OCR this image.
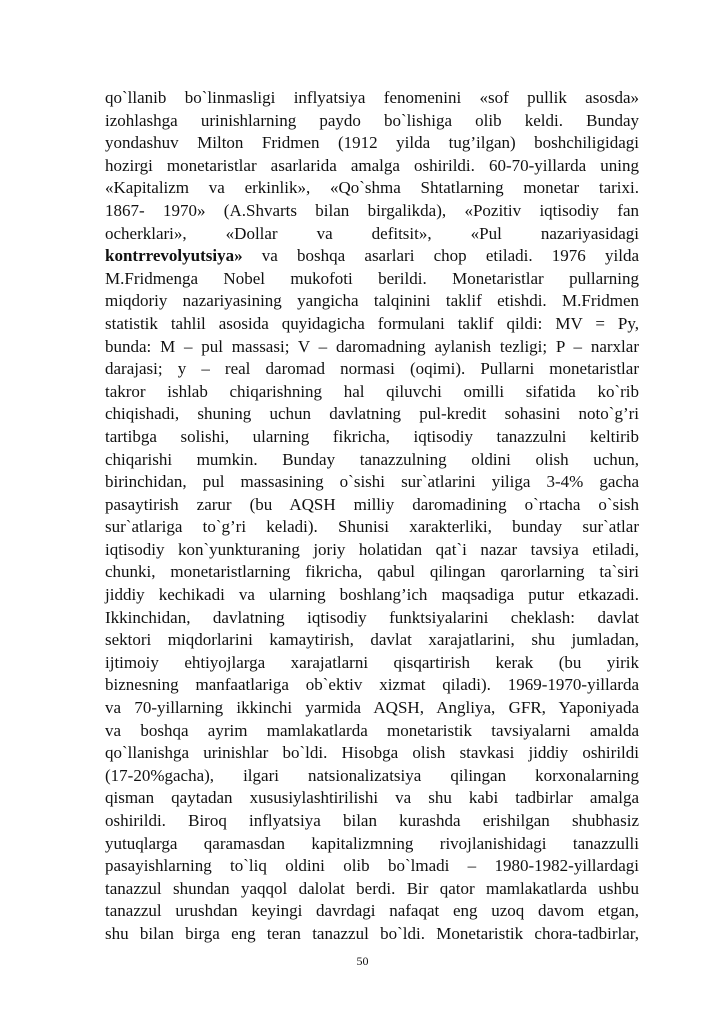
qo`llanib bo`linmasligi inflyatsiya fenomenini «sof pullik asosda»
izohlashga urinishlarning paydo bo`lishiga olib keldi. Bunday
yondashuv Milton Fridmen (1912 yilda tug’ilgan) boshchiligidagi
hozirgi monetaristlar asarlarida amalga oshirildi. 60-70-yillarda uning
«Kapitalizm va erkinlik», «Qo`shma Shtatlarning monetar tarixi.
1867- 1970» (A.Shvarts bilan birgalikda), «Pozitiv iqtisodiy fan
ocherklari», «Dollar va defitsit», «Pul nazariyasidagi
kontrrevolyutsiya» va boshqa asarlari chop etiladi. 1976 yilda
M.Fridmenga Nobel mukofoti berildi. Monetaristlar pullarning
miqdoriy nazariyasining yangicha talqinini taklif etishdi. M.Fridmen
statistik tahlil asosida quyidagicha formulani taklif qildi: MV = Py,
bunda: M – pul massasi; V – daromadning aylanish tezligi; P – narxlar
darajasi; y – real daromad normasi (oqimi). Pullarni monetaristlar
takror ishlab chiqarishning hal qiluvchi omilli sifatida ko`rib
chiqishadi, shuning uchun davlatning pul-kredit sohasini noto`g’ri
tartibga solishi, ularning fikricha, iqtisodiy tanazzulni keltirib
chiqarishi mumkin. Bunday tanazzulning oldini olish uchun,
birinchidan, pul massasining o`sishi sur`atlarini yiliga 3-4% gacha
pasaytirish zarur (bu AQSH milliy daromadining o`rtacha o`sish
sur`atlariga to`g’ri keladi). Shunisi xarakterliki, bunday sur`atlar
iqtisodiy kon`yunkturaning joriy holatidan qat`i nazar tavsiya etiladi,
chunki, monetaristlarning fikricha, qabul qilingan qarorlarning ta`siri
jiddiy kechikadi va ularning boshlang’ich maqsadiga putur etkazadi.
Ikkinchidan, davlatning iqtisodiy funktsiyalarini cheklash: davlat
sektori miqdorlarini kamaytirish, davlat xarajatlarini, shu jumladan,
ijtimoiy ehtiyojlarga xarajatlarni qisqartirish kerak (bu yirik
biznesning manfaatlariga ob`ektiv xizmat qiladi). 1969-1970-yillarda
va 70-yillarning ikkinchi yarmida AQSH, Angliya, GFR, Yaponiyada
va boshqa ayrim mamlakatlarda monetaristik tavsiyalarni amalda
qo`llanishga urinishlar bo`ldi. Hisobga olish stavkasi jiddiy oshirildi
(17-20%gacha), ilgari natsionalizatsiya qilingan korxonalarning
qisman qaytadan xususiylashtirilishi va shu kabi tadbirlar amalga
oshirildi. Biroq inflyatsiya bilan kurashda erishilgan shubhasiz
yutuqlarga qaramasdan kapitalizmning rivojlanishidagi tanazzulli
pasayishlarning to`liq oldini olib bo`lmadi – 1980-1982-yillardagi
tanazzul shundan yaqqol dalolat berdi. Bir qator mamlakatlarda ushbu
tanazzul urushdan keyingi davrdagi nafaqat eng uzoq davom etgan,
shu bilan birga eng teran tanazzul bo`ldi. Monetaristik chora-tadbirlar,
50
